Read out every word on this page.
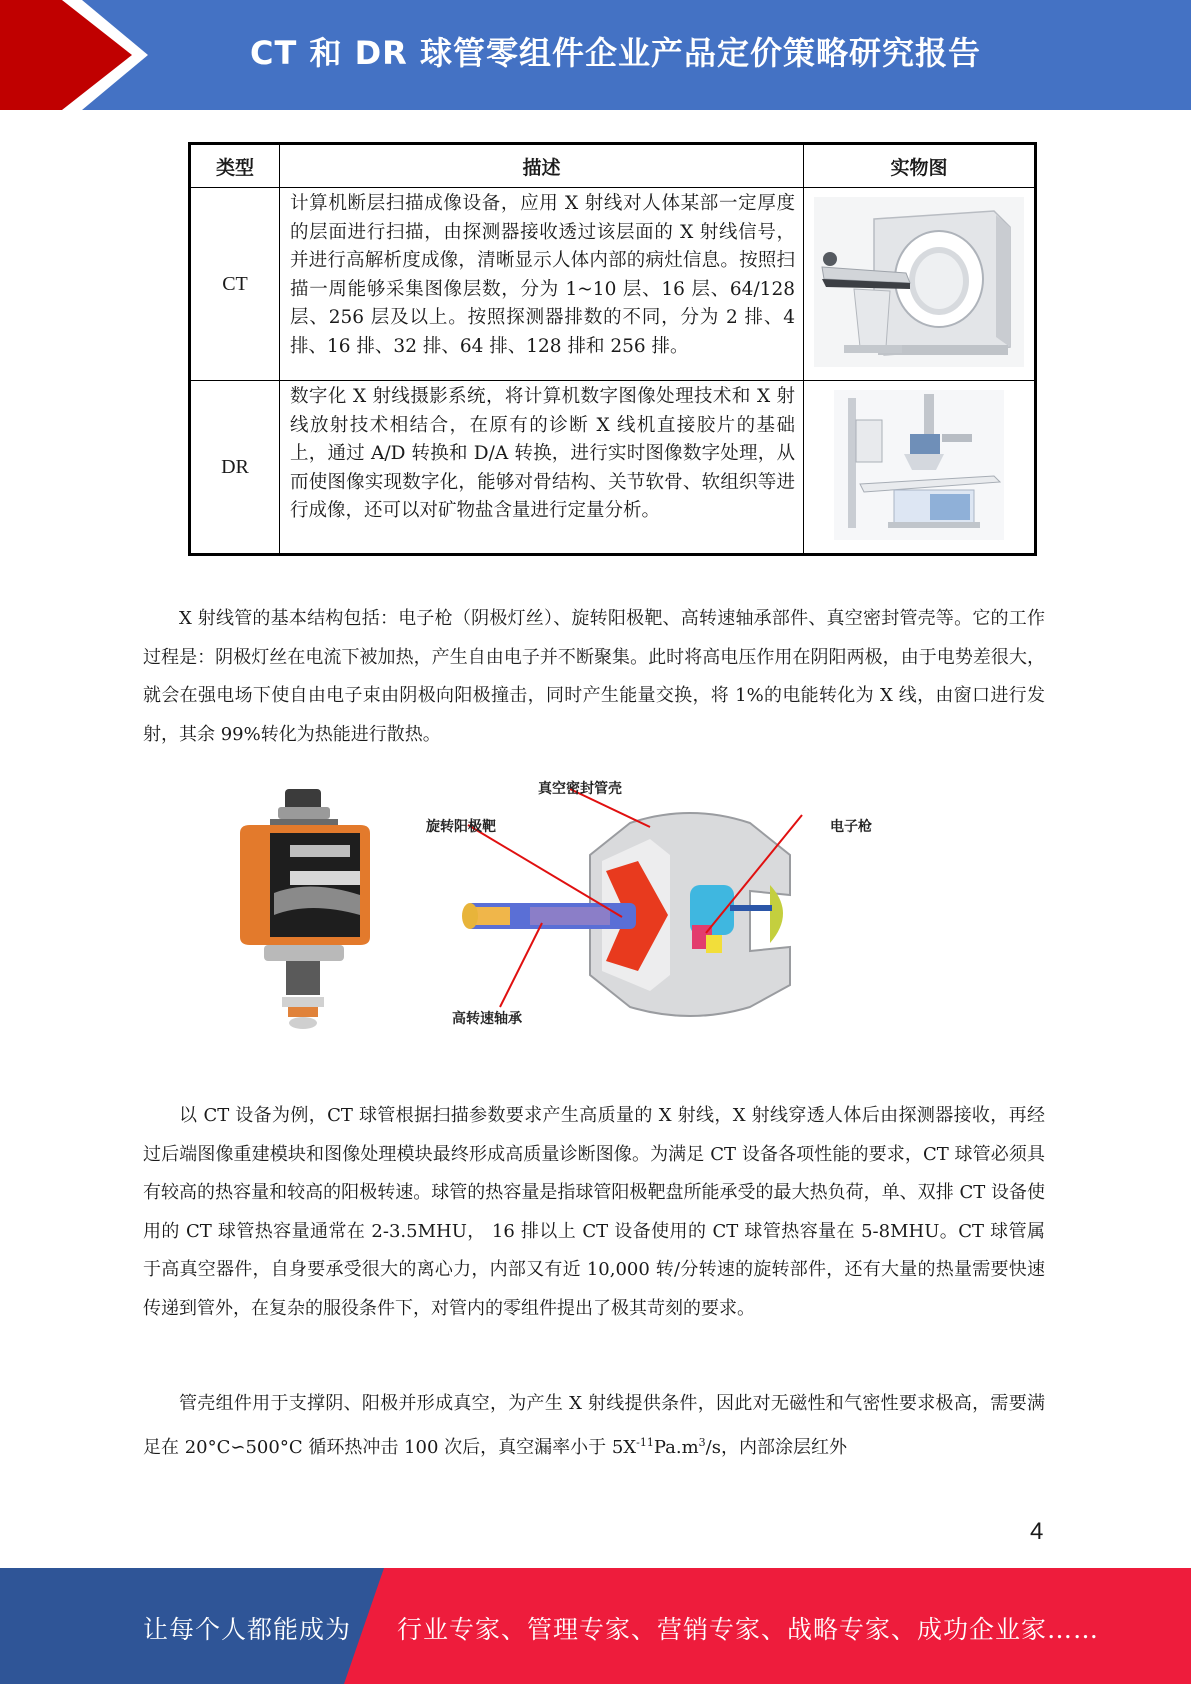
CT 和 DR 球管零组件企业产品定价策略研究报告
类型	描述	实物图
CT	计算机断层扫描成像设备，应用 X 射线对人体某部一定厚度的层面进行扫描，由探测器接收透过该层面的 X 射线信号，并进行高解析度成像，清晰显示人体内部的病灶信息。按照扫描一周能够采集图像层数，分为 1~10 层、16 层、64/128 层、256 层及以上。按照探测器排数的不同，分为 2 排、4 排、16 排、32 排、64 排、128 排和 256 排。	
DR	数字化 X 射线摄影系统，将计算机数字图像处理技术和 X 射线放射技术相结合，在原有的诊断 X 线机直接胶片的基础上，通过 A/D 转换和 D/A 转换，进行实时图像数字处理，从而使图像实现数字化，能够对骨结构、关节软骨、软组织等进行成像，还可以对矿物盐含量进行定量分析。	

X 射线管的基本结构包括：电子枪（阴极灯丝）、旋转阳极靶、高转速轴承部件、真空密封管壳等。它的工作过程是：阴极灯丝在电流下被加热，产生自由电子并不断聚集。此时将高电压作用在阴阳两极，由于电势差很大，就会在强电场下使自由电子束由阴极向阳极撞击，同时产生能量交换，将 1%的电能转化为 X 线，由窗口进行发射，其余 99%转化为热能进行散热。

真空密封管壳
旋转阳极靶	电子枪
高转速轴承

以 CT 设备为例，CT 球管根据扫描参数要求产生高质量的 X 射线，X 射线穿透人体后由探测器接收，再经过后端图像重建模块和图像处理模块最终形成高质量诊断图像。为满足 CT 设备各项性能的要求，CT 球管必须具有较高的热容量和较高的阳极转速。球管的热容量是指球管阳极靶盘所能承受的最大热负荷，单、双排 CT 设备使用的 CT 球管热容量通常在 2-3.5MHU， 16 排以上 CT 设备使用的 CT 球管热容量在 5-8MHU。CT 球管属于高真空器件，自身要承受很大的离心力，内部又有近 10,000 转/分转速的旋转部件，还有大量的热量需要快速传递到管外，在复杂的服役条件下，对管内的零组件提出了极其苛刻的要求。

管壳组件用于支撑阴、阳极并形成真空，为产生 X 射线提供条件，因此对无磁性和气密性要求极高，需要满足在 20°C∽500°C 循环热冲击 100 次后，真空漏率小于 $5X^{-11}Pa.m^3/s$，内部涂层红外

4
让每个人都能成为 行业专家、管理专家、营销专家、战略专家、成功企业家……
